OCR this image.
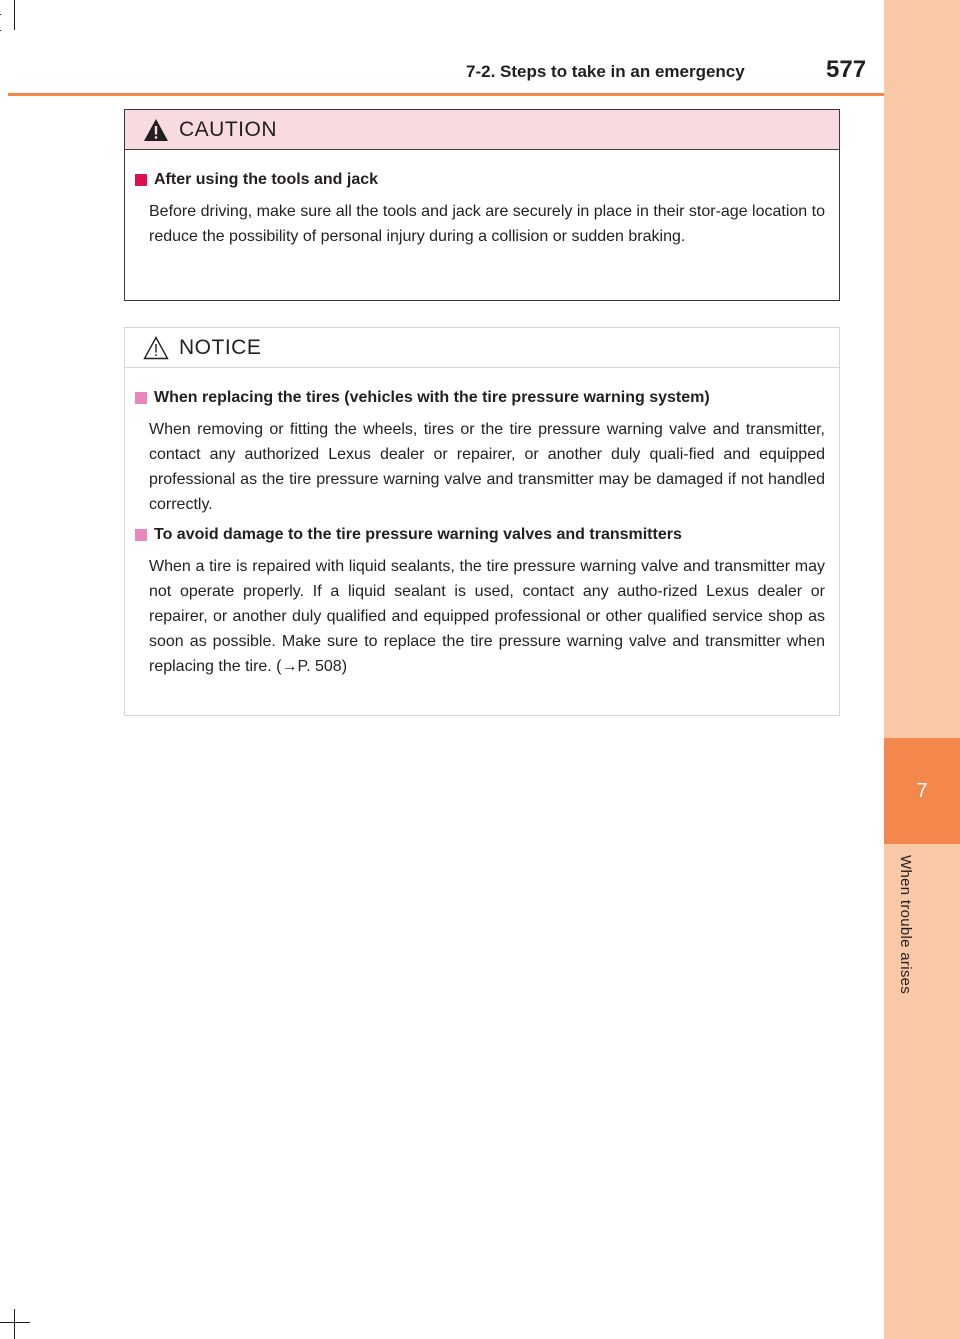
7
When trouble arises
7-2. Steps to take in an emergency	577
CAUTION
After using the tools and jack
Before driving, make sure all the tools and jack are securely in place in their stor-age location to reduce the possibility of personal injury during a collision or sudden braking.
NOTICE
When replacing the tires (vehicles with the tire pressure warning system)
When removing or fitting the wheels, tires or the tire pressure warning valve and transmitter, contact any authorized Lexus dealer or repairer, or another duly quali-fied and equipped professional as the tire pressure warning valve and transmitter may be damaged if not handled correctly.
To avoid damage to the tire pressure warning valves and transmitters
When a tire is repaired with liquid sealants, the tire pressure warning valve and transmitter may not operate properly. If a liquid sealant is used, contact any autho-rized Lexus dealer or repairer, or another duly qualified and equipped professional or other qualified service shop as soon as possible. Make sure to replace the tire pressure warning valve and transmitter when replacing the tire. (→P. 508)
